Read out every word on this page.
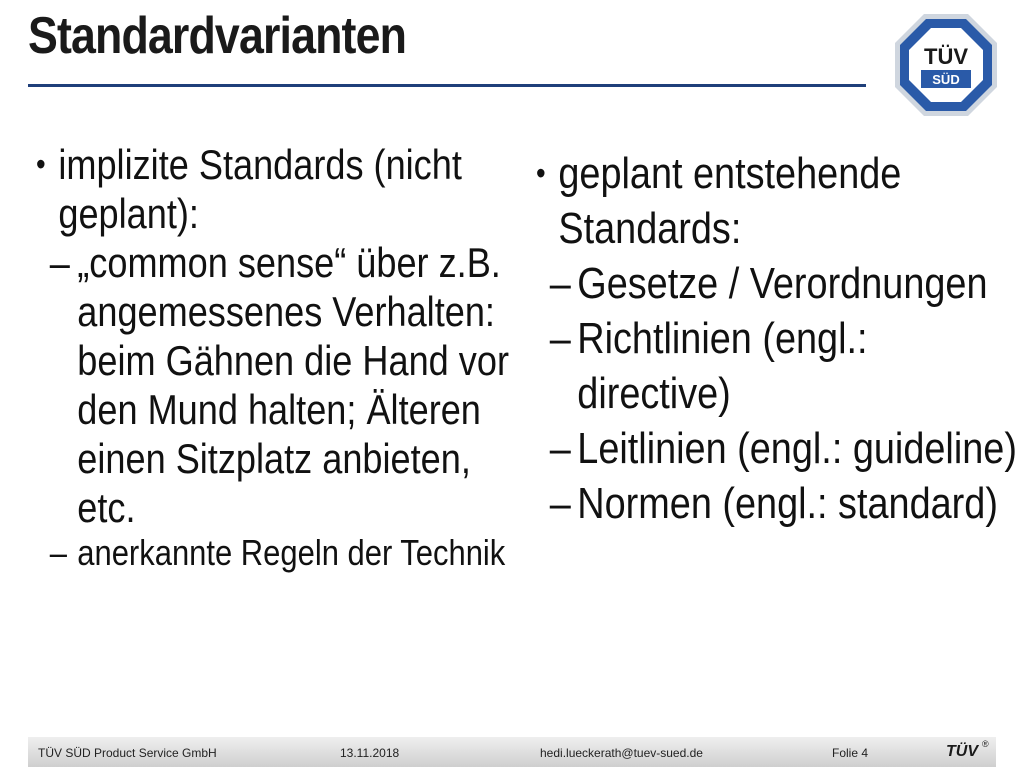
Standardvarianten	TÜV
SÜD
• implizite Standards (nicht geplant):
– „common sense“ über z.B. angemessenes Verhalten: beim Gähnen die Hand vor den Mund halten; Älteren einen Sitzplatz anbieten, etc.
– anerkannte Regeln der Technik
• geplant entstehende Standards:
– Gesetze / Verordnungen
– Richtlinien (engl.: directive)
– Leitlinien (engl.: guideline)
– Normen (engl.: standard)
TÜV SÜD Product Service GmbH	13.11.2018	hedi.lueckerath@tuev-sued.de	Folie 4	TÜV ®
